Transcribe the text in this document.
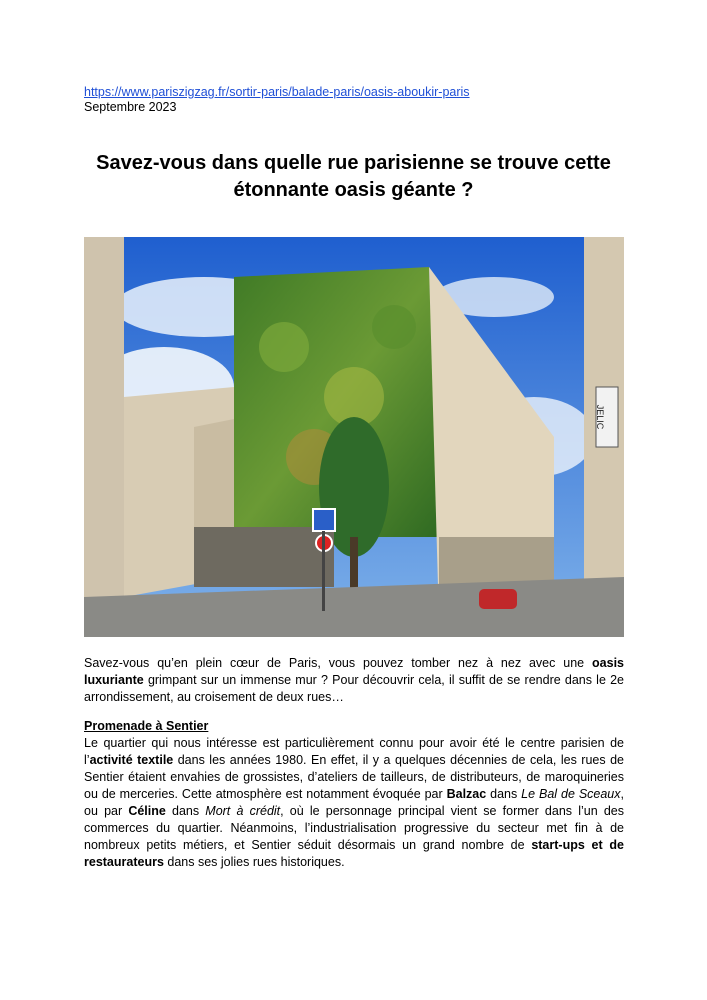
https://www.pariszigzag.fr/sortir-paris/balade-paris/oasis-aboukir-paris
Septembre 2023
Savez-vous dans quelle rue parisienne se trouve cette étonnante oasis géante ?
JELIC

Savez-vous qu’en plein cœur de Paris, vous pouvez tomber nez à nez avec une oasis luxuriante grimpant sur un immense mur ? Pour découvrir cela, il suffit de se rendre dans le 2e arrondissement, au croisement de deux rues…

Promenade à Sentier

Le quartier qui nous intéresse est particulièrement connu pour avoir été le centre parisien de l’activité textile dans les années 1980. En effet, il y a quelques décennies de cela, les rues de Sentier étaient envahies de grossistes, d’ateliers de tailleurs, de distributeurs, de maroquineries ou de merceries. Cette atmosphère est notamment évoquée par Balzac dans Le Bal de Sceaux, ou par Céline dans Mort à crédit, où le personnage principal vient se former dans l’un des commerces du quartier. Néanmoins, l’industrialisation progressive du secteur met fin à de nombreux petits métiers, et Sentier séduit désormais un grand nombre de start-ups et de restaurateurs dans ses jolies rues historiques.
